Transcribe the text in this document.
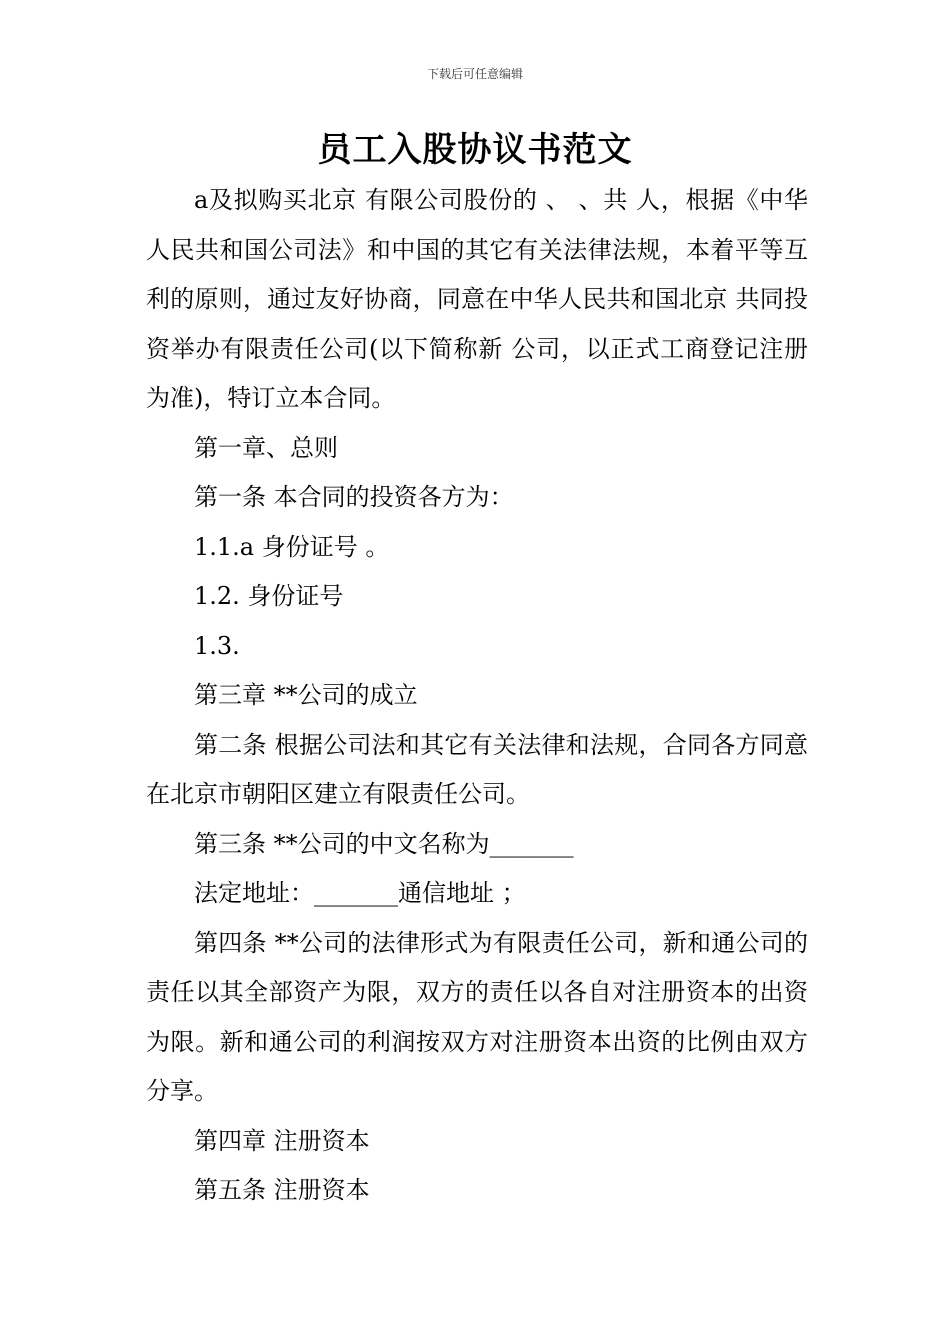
下载后可任意编辑
员工入股协议书范文

a及拟购买北京 有限公司股份的 、 、共 人，根据《中华人民共和国公司法》和中国的其它有关法律法规，本着平等互利的原则，通过友好协商，同意在中华人民共和国北京 共同投资举办有限责任公司(以下简称新 公司，以正式工商登记注册为准)，特订立本合同。

第一章、总则

第一条 本合同的投资各方为：

1.1.a 身份证号 。

1.2. 身份证号

1.3.

第三章 **公司的成立

第二条 根据公司法和其它有关法律和法规，合同各方同意在北京市朝阳区建立有限责任公司。

第三条 **公司的中文名称为_______

法定地址：_______通信地址 ；

第四条 **公司的法律形式为有限责任公司，新和通公司的责任以其全部资产为限，双方的责任以各自对注册资本的出资为限。新和通公司的利润按双方对注册资本出资的比例由双方分享。

第四章 注册资本

第五条 注册资本
